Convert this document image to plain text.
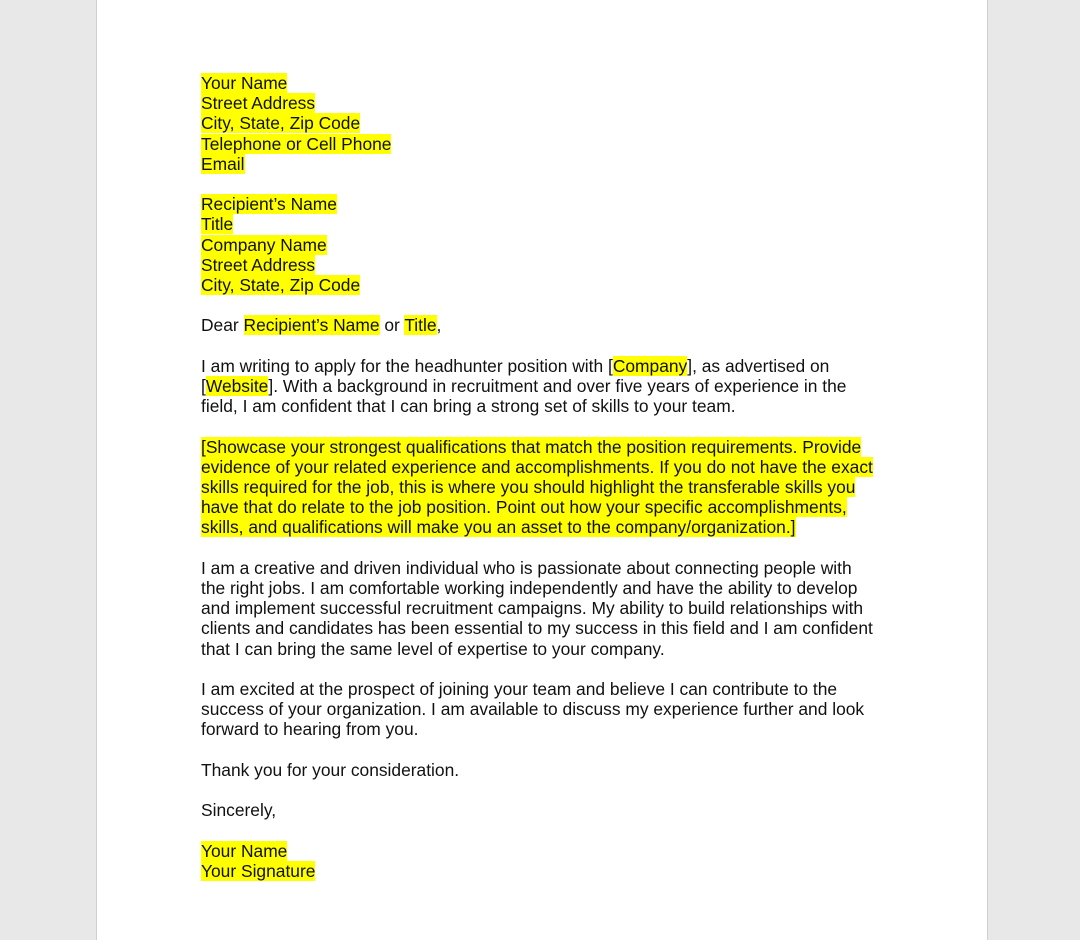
Your Name
Street Address
City, State, Zip Code
Telephone or Cell Phone
Email
Recipient’s Name
Title
Company Name
Street Address
City, State, Zip Code
Dear Recipient’s Name or Title,
I am writing to apply for the headhunter position with [Company], as advertised on
[Website]. With a background in recruitment and over five years of experience in the
field, I am confident that I can bring a strong set of skills to your team.
[Showcase your strongest qualifications that match the position requirements. Provide
evidence of your related experience and accomplishments. If you do not have the exact
skills required for the job, this is where you should highlight the transferable skills you
have that do relate to the job position. Point out how your specific accomplishments,
skills, and qualifications will make you an asset to the company/organization.]
I am a creative and driven individual who is passionate about connecting people with
the right jobs. I am comfortable working independently and have the ability to develop
and implement successful recruitment campaigns. My ability to build relationships with
clients and candidates has been essential to my success in this field and I am confident
that I can bring the same level of expertise to your company.
I am excited at the prospect of joining your team and believe I can contribute to the
success of your organization. I am available to discuss my experience further and look
forward to hearing from you.
Thank you for your consideration.
Sincerely,
Your Name
Your Signature
